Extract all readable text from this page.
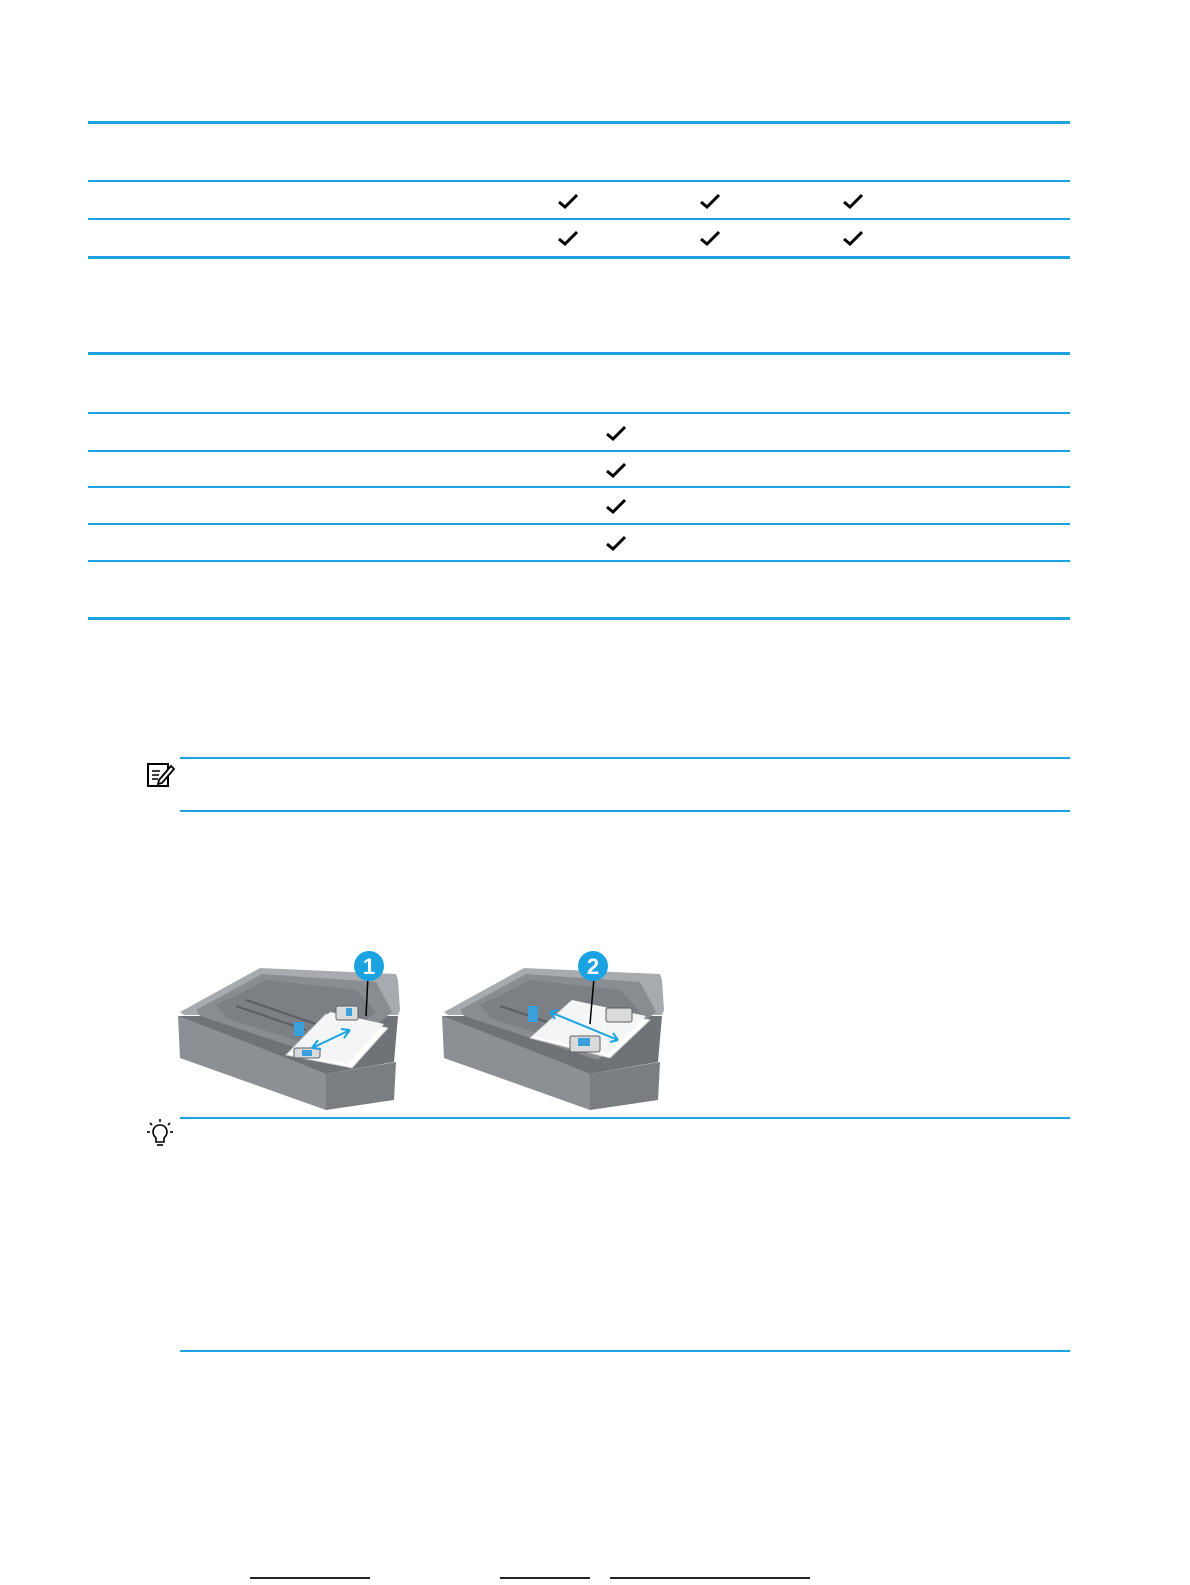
1	2
